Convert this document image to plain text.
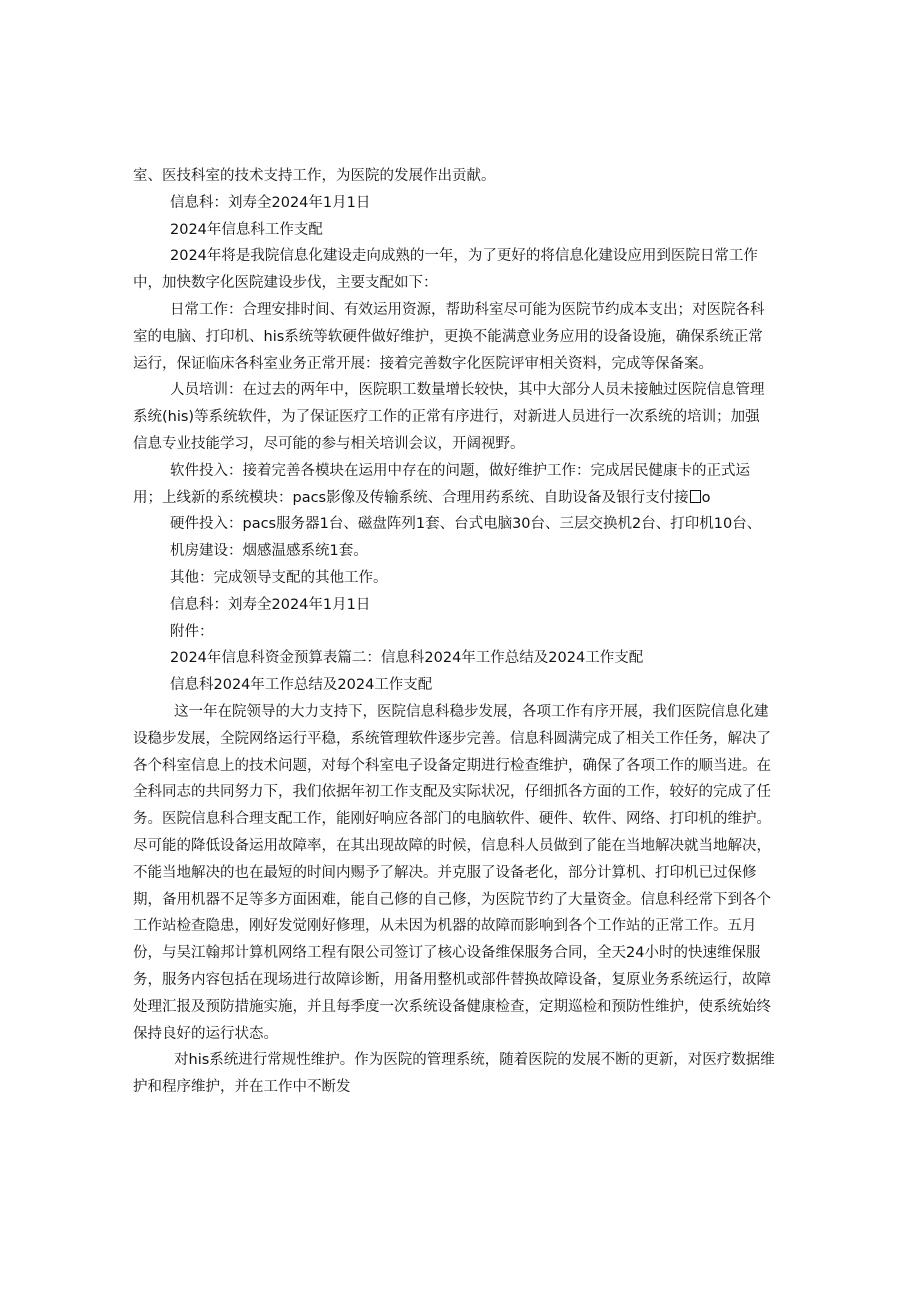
室、医技科室的技术支持工作，为医院的发展作出贡献。
信息科：刘寿全2024年1月1日
2024年信息科工作支配
2024年将是我院信息化建设走向成熟的一年，为了更好的将信息化建设应用到医院日常工作
中，加快数字化医院建设步伐，主要支配如下：
日常工作：合理安排时间、有效运用资源，帮助科室尽可能为医院节约成本支出；对医院各科
室的电脑、打印机、his系统等软硬件做好维护，更换不能满意业务应用的设备设施，确保系统正常
运行，保证临床各科室业务正常开展：接着完善数字化医院评审相关资料，完成等保备案。
人员培训：在过去的两年中，医院职工数量增长较快，其中大部分人员未接触过医院信息管理
系统(his)等系统软件，为了保证医疗工作的正常有序进行，对新进人员进行一次系统的培训；加强
信息专业技能学习，尽可能的参与相关培训会议，开阔视野。
软件投入：接着完善各模块在运用中存在的问题，做好维护工作：完成居民健康卡的正式运
用；上线新的系统模块：pacs影像及传输系统、合理用药系统、自助设备及银行支付接 o
硬件投入：pacs服务器1台、磁盘阵列1套、台式电脑30台、三层交换机2台、打印机10台、
机房建设：烟感温感系统1套。
其他：完成领导支配的其他工作。
信息科：刘寿全2024年1月1日
附件：
2024年信息科资金预算表篇二：信息科2024年工作总结及2024工作支配
信息科2024年工作总结及2024工作支配
这一年在院领导的大力支持下，医院信息科稳步发展，各项工作有序开展，我们医院信息化建
设稳步发展，全院网络运行平稳，系统管理软件逐步完善。信息科圆满完成了相关工作任务，解决了
各个科室信息上的技术问题，对每个科室电子设备定期进行检查维护，确保了各项工作的顺当进。在
全科同志的共同努力下，我们依据年初工作支配及实际状况，仔细抓各方面的工作，较好的完成了任
务。医院信息科合理支配工作，能刚好响应各部门的电脑软件、硬件、软件、网络、打印机的维护。
尽可能的降低设备运用故障率，在其出现故障的时候，信息科人员做到了能在当地解决就当地解决，
不能当地解决的也在最短的时间内赐予了解决。并克服了设备老化，部分计算机、打印机已过保修
期，备用机器不足等多方面困难，能自己修的自己修，为医院节约了大量资金。信息科经常下到各个
工作站检查隐患，刚好发觉刚好修理，从未因为机器的故障而影响到各个工作站的正常工作。五月
份，与吴江翰邦计算机网络工程有限公司签订了核心设备维保服务合同，全天24小时的快速维保服
务，服务内容包括在现场进行故障诊断，用备用整机或部件替换故障设备，复原业务系统运行，故障
处理汇报及预防措施实施，并且每季度一次系统设备健康检查，定期巡检和预防性维护，使系统始终
保持良好的运行状态。
对his系统进行常规性维护。作为医院的管理系统，随着医院的发展不断的更新，对医疗数据维
护和程序维护，并在工作中不断发
